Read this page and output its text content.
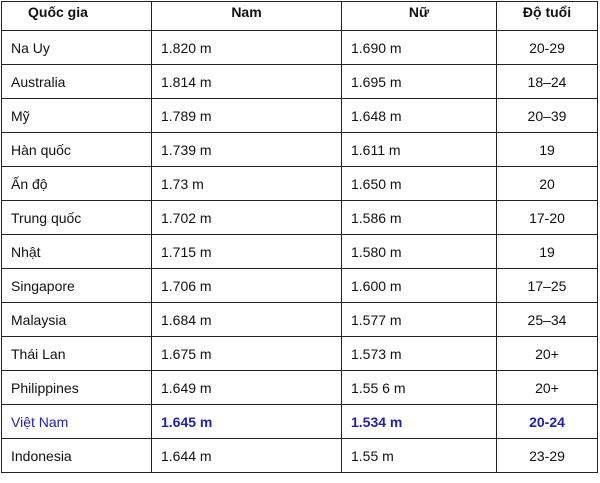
Quốc gia	Nam	Nữ	Độ tuổi
Na Uy	1.820 m	1.690 m	20-29
Australia	1.814 m	1.695 m	18–24
Mỹ	1.789 m	1.648 m	20–39
Hàn quốc	1.739 m	1.611 m	19
Ấn độ	1.73 m	1.650 m	20
Trung quốc	1.702 m	1.586 m	17-20
Nhật	1.715 m	1.580 m	19
Singapore	1.706 m	1.600 m	17–25
Malaysia	1.684 m	1.577 m	25–34
Thái Lan	1.675 m	1.573 m	20+
Philippines	1.649 m	1.55 6 m	20+
Việt Nam	1.645 m	1.534 m	20-24
Indonesia	1.644 m	1.55 m	23-29
